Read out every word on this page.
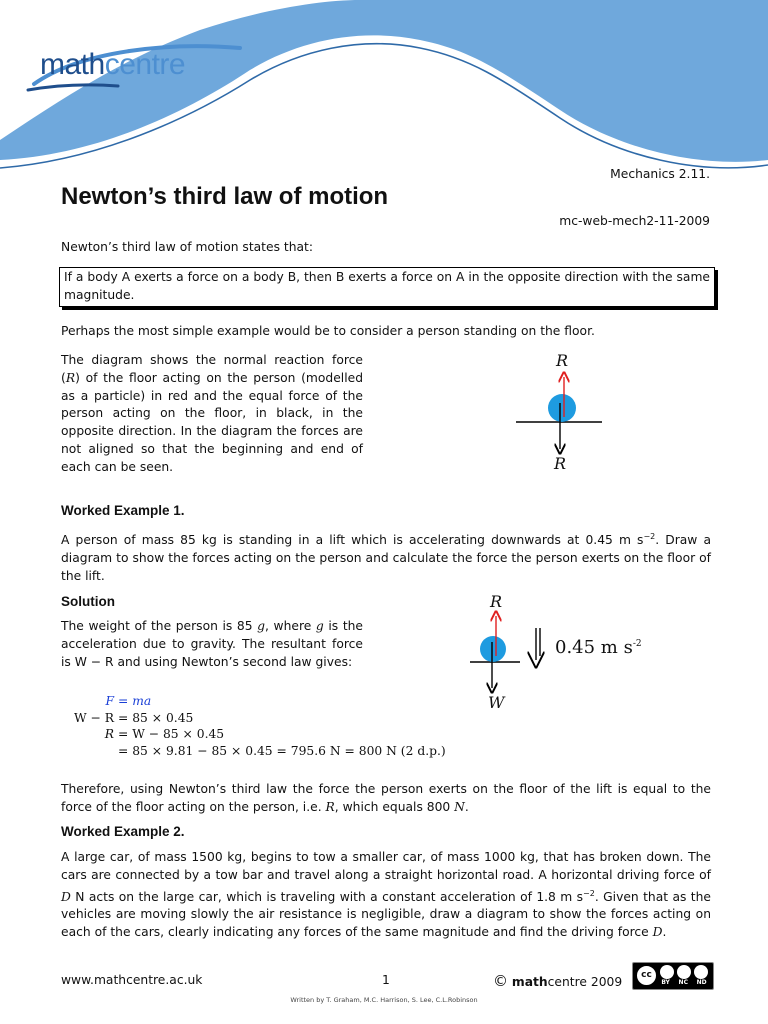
mathcentre
Mechanics 2.11.
Newton’s third law of motion
mc-web-mech2-11-2009

Newton’s third law of motion states that:

If a body A exerts a force on a body B, then B exerts a force on A in the opposite direction with the same magnitude.

Perhaps the most simple example would be to consider a person standing on the floor.

The diagram shows the normal reaction force (R) of the floor acting on the person (modelled as a particle) in red and the equal force of the person acting on the floor, in black, in the opposite direction. In the diagram the forces are not aligned so that the beginning and end of each can be seen.

R
R
Worked Example 1.

A person of mass 85 kg is standing in a lift which is accelerating downwards at 0.45 m $s^{-2}$. Draw a diagram to show the forces acting on the person and calculate the force the person exerts on the floor of the lift.

Solution

The weight of the person is 85 g, where g is the acceleration due to gravity. The resultant force is W − R and using Newton’s second law gives:

F = ma
W − R = 85 × 0.45
R = W − 85 × 0.45
= 85 × 9.81 − 85 × 0.45 = 795.6 N = 800 N (2 d.p.)
R
W
0.45 m $s^{-2}$

Therefore, using Newton’s third law the force the person exerts on the floor of the lift is equal to the force of the floor acting on the person, i.e. R, which equals 800 N.

Worked Example 2.

A large car, of mass 1500 kg, begins to tow a smaller car, of mass 1000 kg, that has broken down. The cars are connected by a tow bar and travel along a straight horizontal road. A horizontal driving force of D N acts on the large car, which is traveling with a constant acceleration of 1.8 m $s^{-2}$. Given that as the vehicles are moving slowly the air resistance is negligible, draw a diagram to show the forces acting on each of the cars, clearly indicating any forces of the same magnitude and find the driving force D.

www.mathcentre.ac.uk	1	© mathcentre 2009	cc
BY NC ND
Written by T. Graham, M.C. Harrison, S. Lee, C.L.Robinson
